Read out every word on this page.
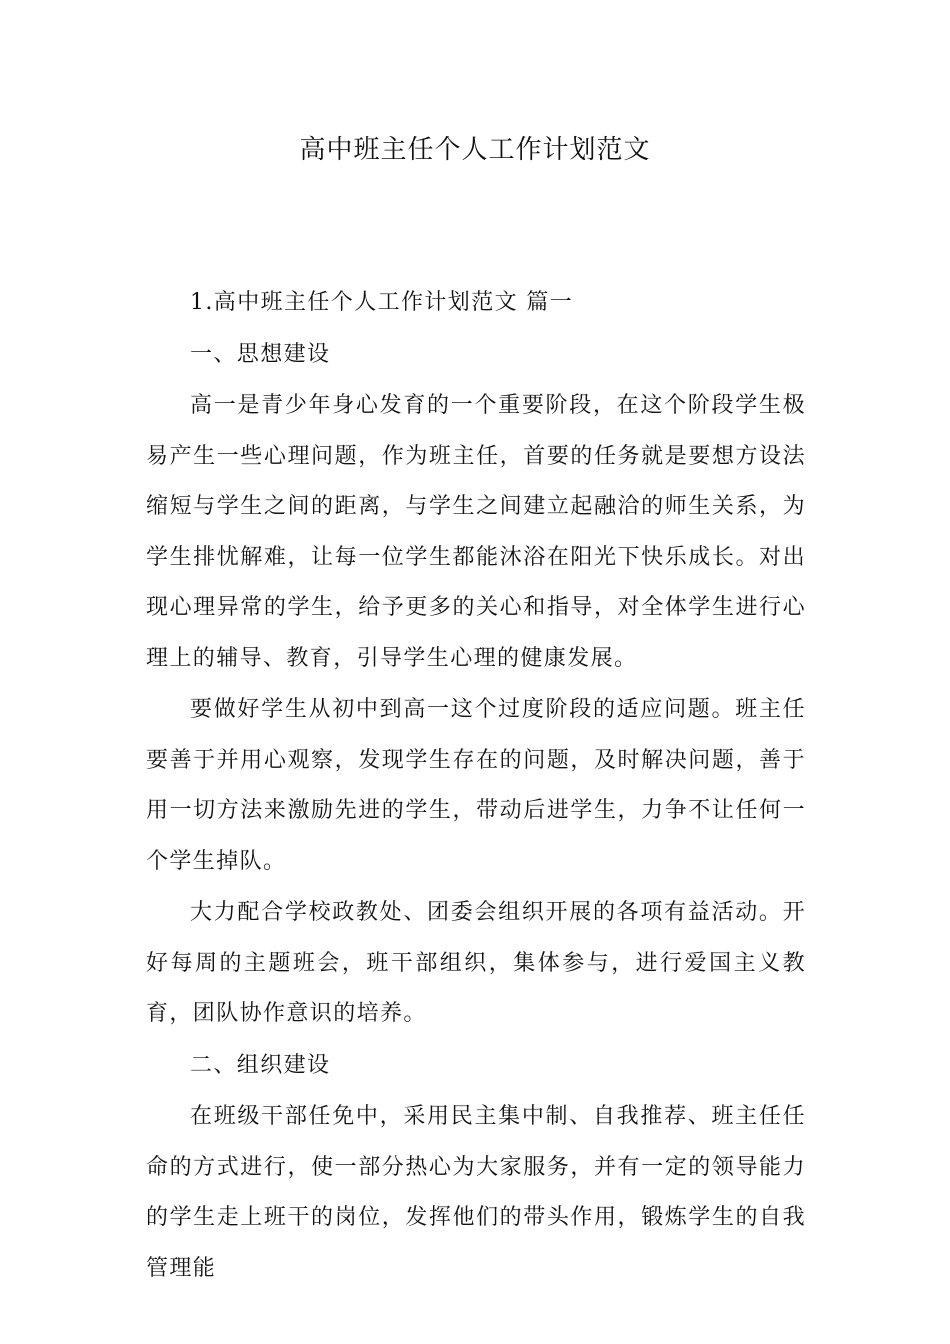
高中班主任个人工作计划范文

1.高中班主任个人工作计划范文 篇一

一、思想建设

高一是青少年身心发育的一个重要阶段，在这个阶段学生极易产生一些心理问题，作为班主任，首要的任务就是要想方设法缩短与学生之间的距离，与学生之间建立起融洽的师生关系，为学生排忧解难，让每一位学生都能沐浴在阳光下快乐成长。对出现心理异常的学生，给予更多的关心和指导，对全体学生进行心理上的辅导、教育，引导学生心理的健康发展。

要做好学生从初中到高一这个过度阶段的适应问题。班主任要善于并用心观察，发现学生存在的问题，及时解决问题，善于用一切方法来激励先进的学生，带动后进学生，力争不让任何一个学生掉队。

大力配合学校政教处、团委会组织开展的各项有益活动。开好每周的主题班会，班干部组织，集体参与，进行爱国主义教育，团队协作意识的培养。

二、组织建设

在班级干部任免中，采用民主集中制、自我推荐、班主任任命的方式进行，使一部分热心为大家服务，并有一定的领导能力的学生走上班干的岗位，发挥他们的带头作用，锻炼学生的自我管理能
